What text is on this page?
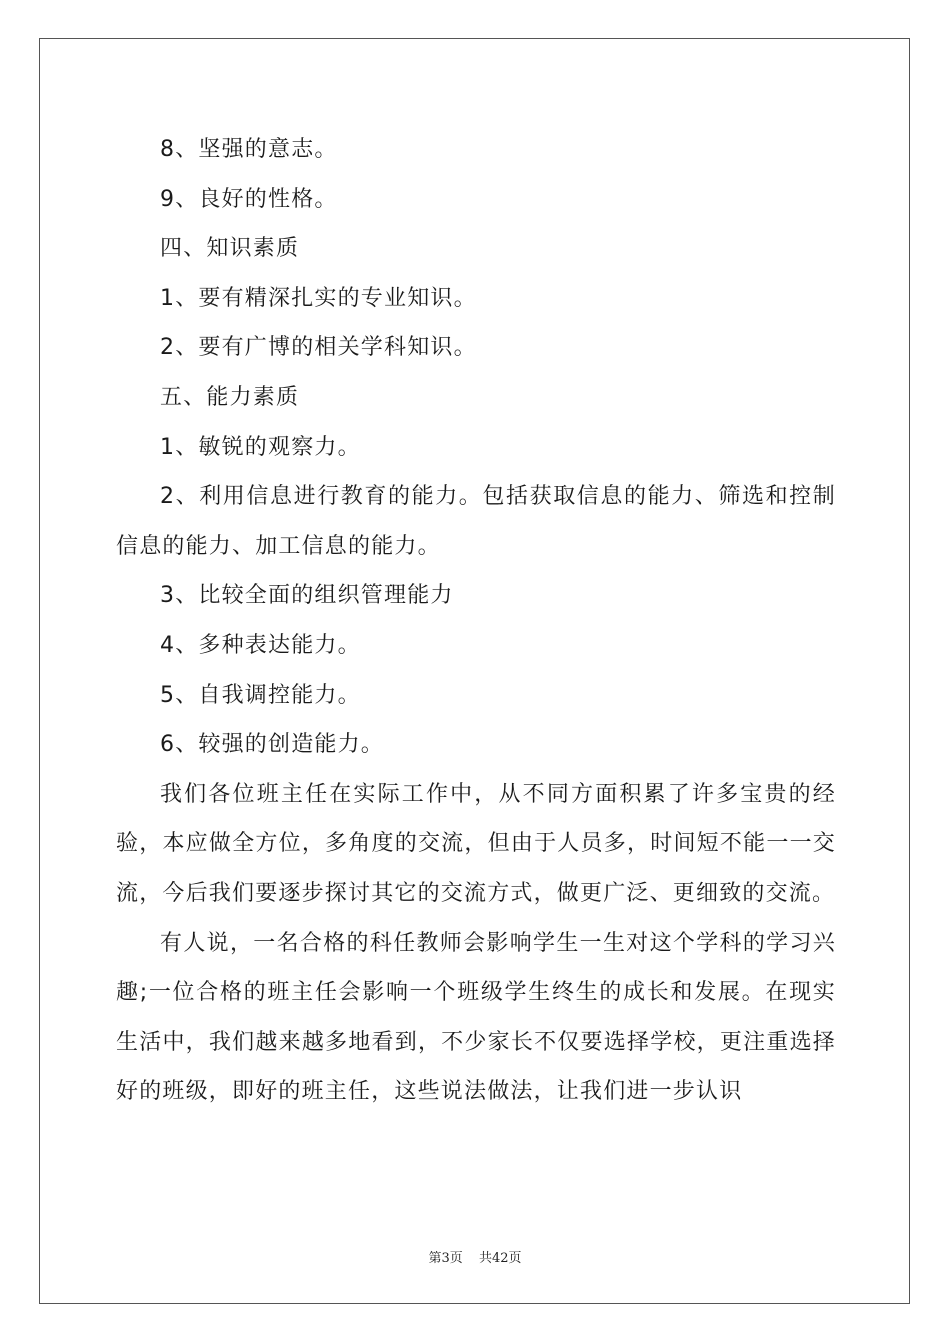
8、坚强的意志。

9、良好的性格。

四、知识素质

1、要有精深扎实的专业知识。

2、要有广博的相关学科知识。

五、能力素质

1、敏锐的观察力。

2、利用信息进行教育的能力。包括获取信息的能力、筛选和控制信息的能力、加工信息的能力。

3、比较全面的组织管理能力

4、多种表达能力。

5、自我调控能力。

6、较强的创造能力。

我们各位班主任在实际工作中，从不同方面积累了许多宝贵的经验，本应做全方位，多角度的交流，但由于人员多，时间短不能一一交流，今后我们要逐步探讨其它的交流方式，做更广泛、更细致的交流。

有人说，一名合格的科任教师会影响学生一生对这个学科的学习兴趣;一位合格的班主任会影响一个班级学生终生的成长和发展。在现实生活中，我们越来越多地看到，不少家长不仅要选择学校，更注重选择好的班级，即好的班主任，这些说法做法，让我们进一步认识

第3页 共42页
